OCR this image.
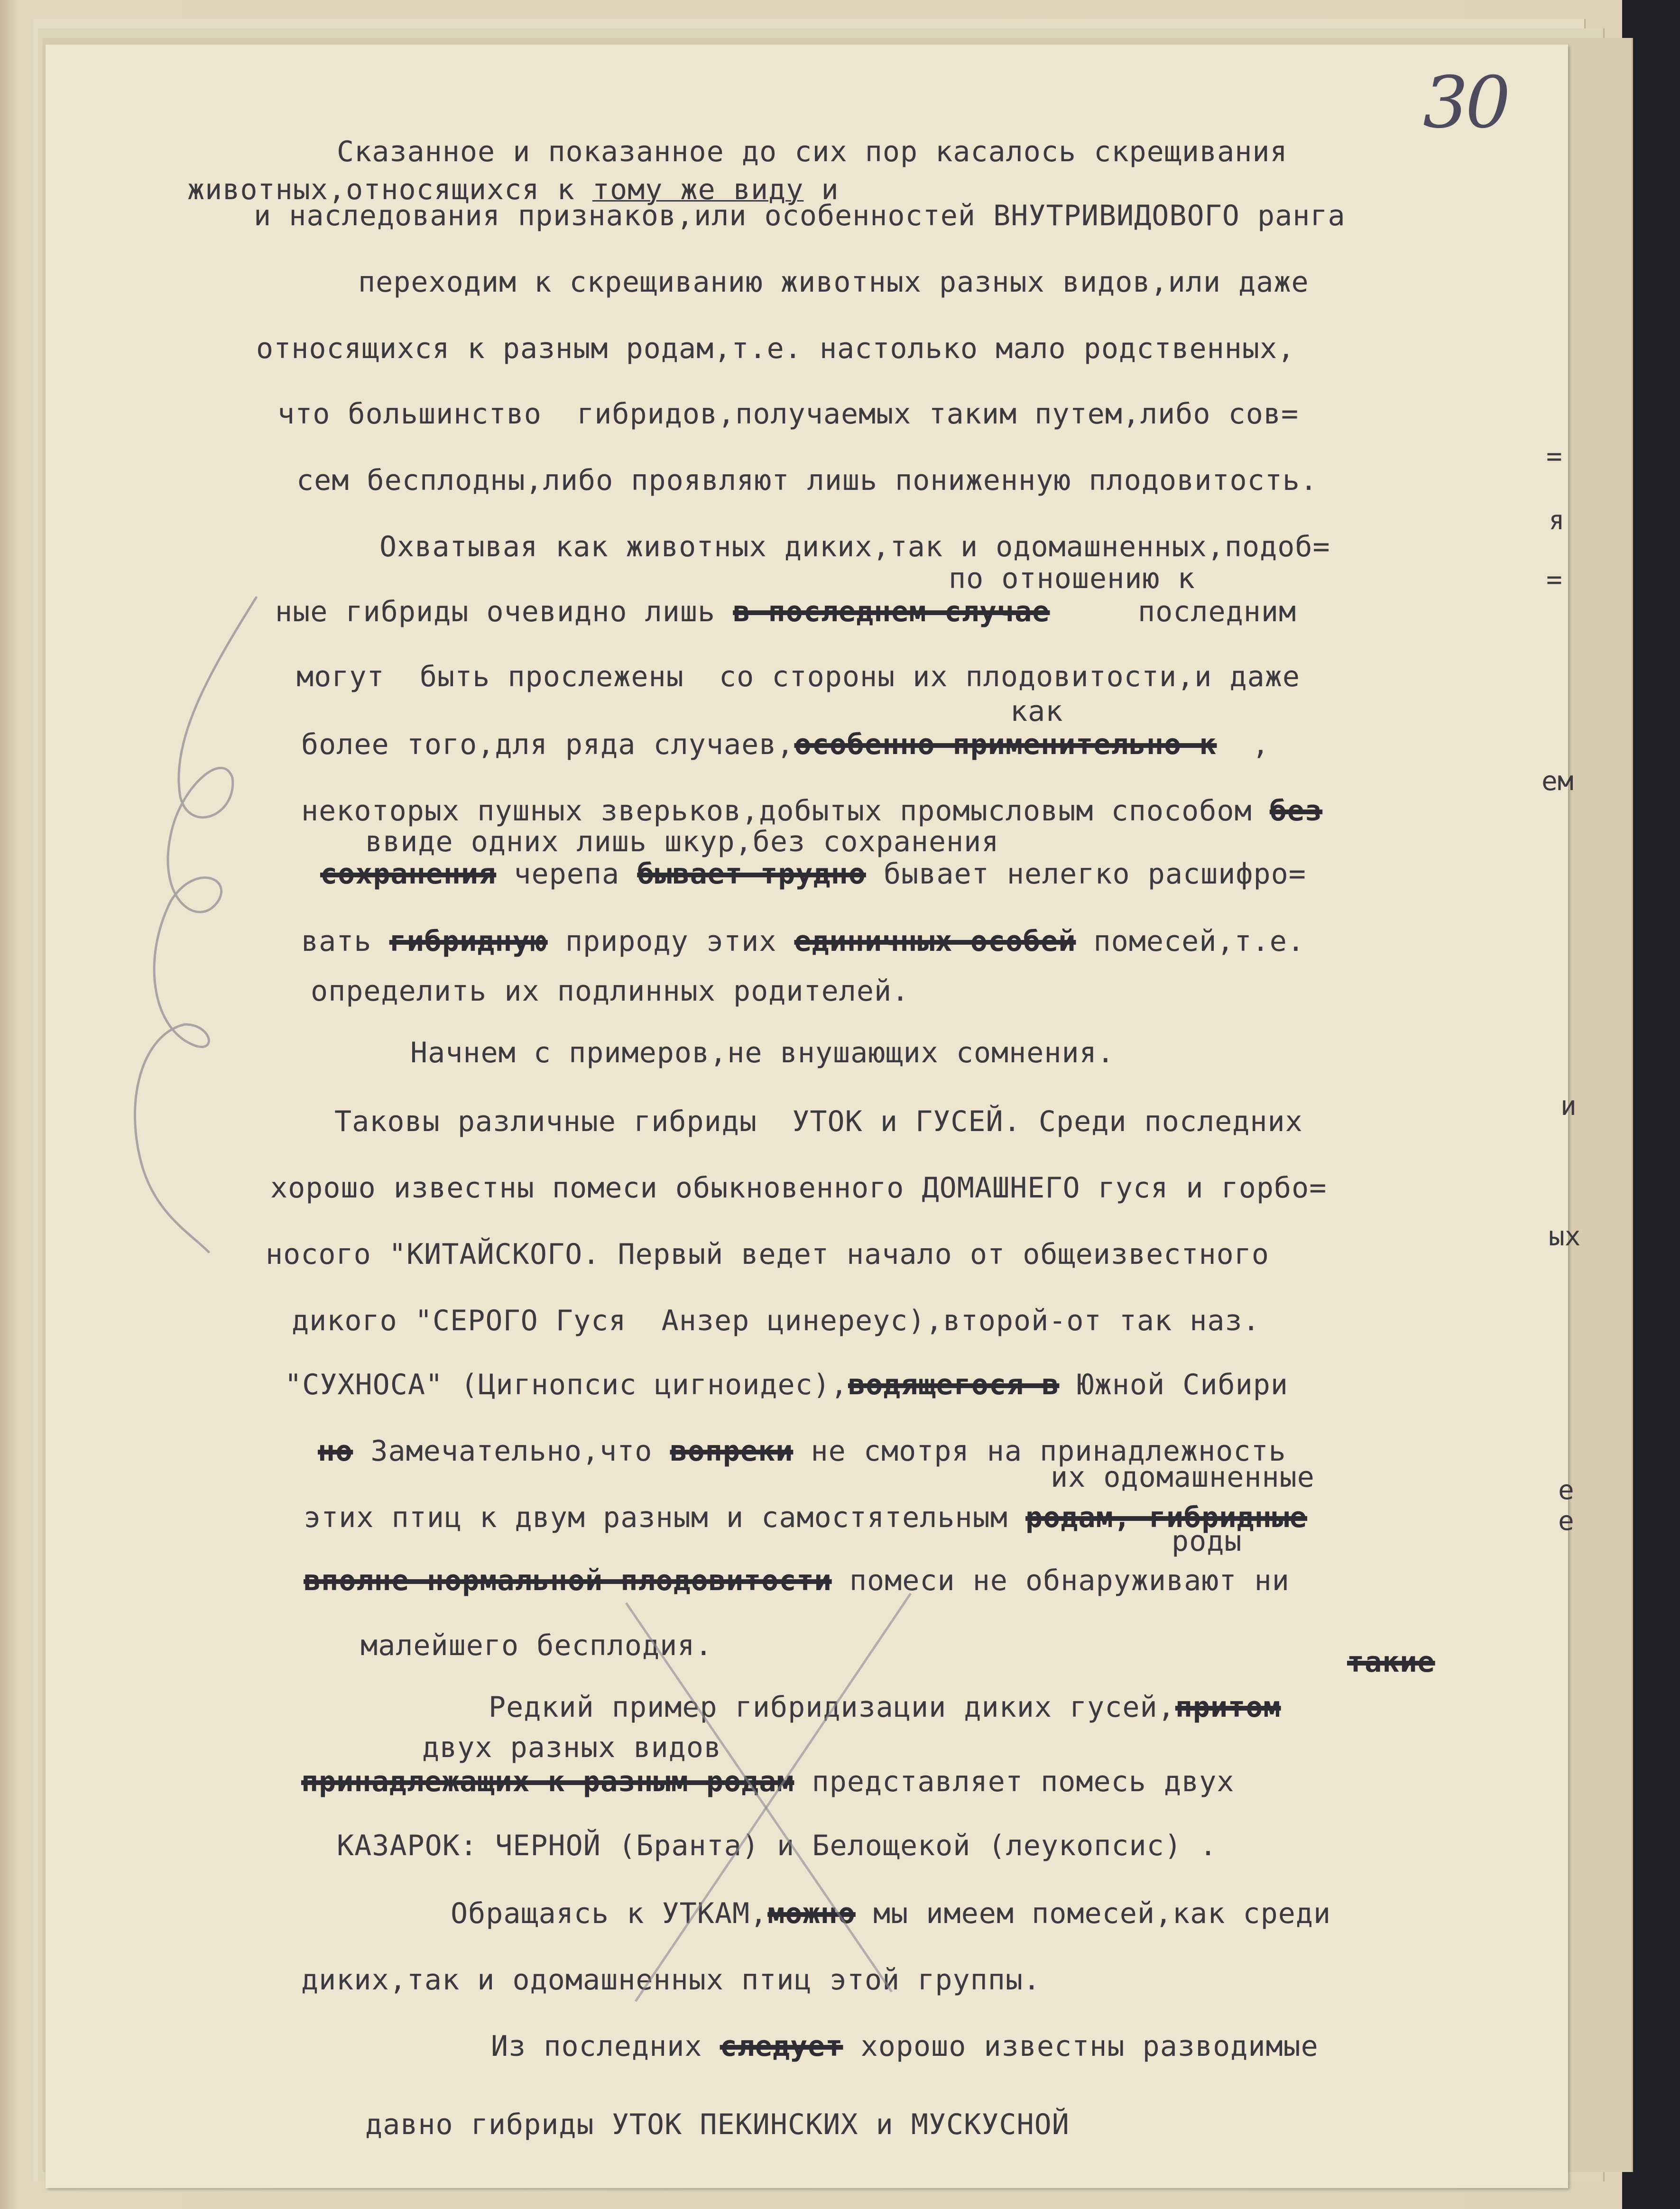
30

Сказанное и показанное до сих пор касалось скрещивания

животных,относящихся к тому же виду и

и наследования признаков,или особенностей ВНУТРИВИДОВОГО ранга

переходим к скрещиванию животных разных видов,или даже

относящихся к разным родам,т.е. настолько мало родственных,

что большинство  гибридов,получаемых таким путем,либо сов=

сем бесплодны,либо проявляют лишь пониженную плодовитость.

Охватывая как животных диких,так и одомашненных,подоб=

по отношению к

ные гибриды очевидно лишь в последнем случае     последним

могут  быть прослежены  со стороны их плодовитости,и даже

как

более того,для ряда случаев,особенно применительно к  ,

некоторых пушных зверьков,добытых промысловым способом без

ввиде одних лишь шкур,без сохранения

сохранения черепа бывает трудно бывает нелегко расшифро=

вать гибридную природу этих единичных особей помесей,т.е.

определить их подлинных родителей.

Начнем с примеров,не внушающих сомнения.

Таковы различные гибриды  УТОК и ГУСЕЙ. Среди последних

хорошо известны помеси обыкновенного ДОМАШНЕГО гуся и горбо=

носого "КИТАЙСКОГО. Первый ведет начало от общеизвестного

дикого "СЕРОГО Гуся  Анзер цинереус),второй-от так наз.

"СУХНОСА" (Цигнопсис цигноидес),водящегося в Южной Сибири

но Замечательно,что вопреки не смотря на принадлежность

их одомашненные

этих птиц к двум разным и самостятельным родам, гибридные

роды

вполне нормальной плодовитости помеси не обнаруживают ни

малейшего бесплодия.	такие

Редкий пример гибридизации диких гусей,притом

двух разных видов

принадлежащих к разным родам представляет помесь двух

КАЗАРОК: ЧЕРНОЙ (Бранта) и Белощекой (леукопсис) .

Обращаясь к УТКАМ,можно мы имеем помесей,как среди

диких,так и одомашненных птиц этой группы.

Из последних следует хорошо известны разводимые

давно гибриды УТОК ПЕКИНСКИХ и МУСКУСНОЙ

=
я
=
ем
и
ых
е
е
